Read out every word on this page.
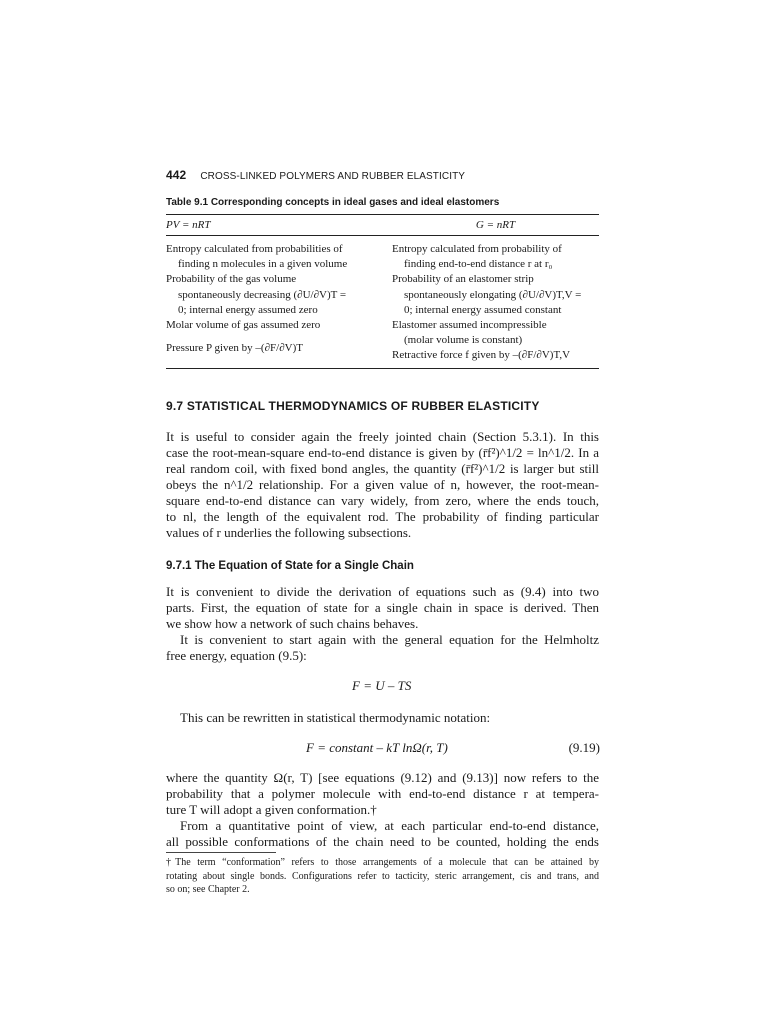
442 CROSS-LINKED POLYMERS AND RUBBER ELASTICITY
Table 9.1 Corresponding concepts in ideal gases and ideal elastomers
PV = nRT	G = nRT
Entropy calculated from probabilities of
finding n molecules in a given volume
Probability of the gas volume
spontaneously decreasing (∂U/∂V)T =
0; internal energy assumed zero
Molar volume of gas assumed zero
Pressure P given by –(∂F/∂V)T
Entropy calculated from probability of
finding end-to-end distance r at r₀
Probability of an elastomer strip
spontaneously elongating (∂U/∂V)T,V =
0; internal energy assumed constant
Elastomer assumed incompressible
(molar volume is constant)
Retractive force f given by –(∂F/∂V)T,V
9.7 STATISTICAL THERMODYNAMICS OF RUBBER ELASTICITY
It is useful to consider again the freely jointed chain (Section 5.3.1). In this
case the root-mean-square end-to-end distance is given by (r̄f²)^1/2 = ln^1/2. In a
real random coil, with fixed bond angles, the quantity (r̄f²)^1/2 is larger but still
obeys the n^1/2 relationship. For a given value of n, however, the root-mean-
square end-to-end distance can vary widely, from zero, where the ends touch,
to nl, the length of the equivalent rod. The probability of finding particular
values of r underlies the following subsections.
9.7.1 The Equation of State for a Single Chain
It is convenient to divide the derivation of equations such as (9.4) into two
parts. First, the equation of state for a single chain in space is derived. Then
we show how a network of such chains behaves.
It is convenient to start again with the general equation for the Helmholtz
free energy, equation (9.5):
F = U – TS
This can be rewritten in statistical thermodynamic notation:
F = constant – kT lnΩ(r, T)	(9.19)
where the quantity Ω(r, T) [see equations (9.12) and (9.13)] now refers to the
probability that a polymer molecule with end-to-end distance r at tempera-
ture T will adopt a given conformation.†
From a quantitative point of view, at each particular end-to-end distance,
all possible conformations of the chain need to be counted, holding the ends
†The term “conformation” refers to those arrangements of a molecule that can be attained by
rotating about single bonds. Configurations refer to tacticity, steric arrangement, cis and trans, and
so on; see Chapter 2.
